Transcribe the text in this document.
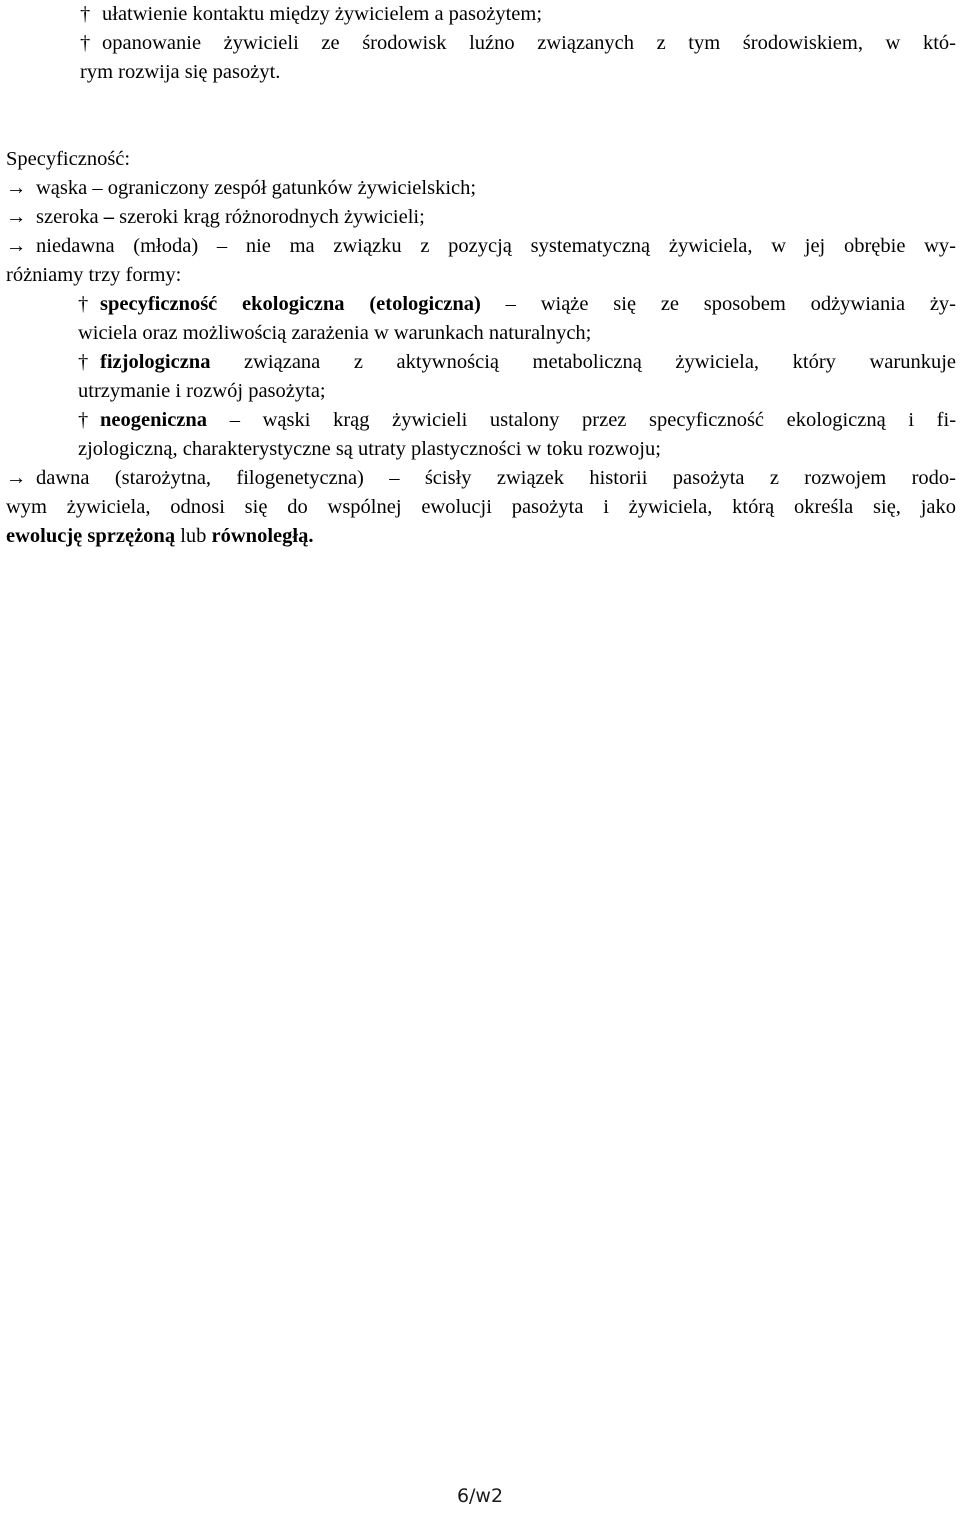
† ułatwienie kontaktu między żywicielem a pasożytem;
† opanowanie żywicieli ze środowisk luźno związanych z tym środowiskiem, w któ-
rym rozwija się pasożyt.
Specyficzność:
→ wąska – ograniczony zespół gatunków żywicielskich;
→ szeroka – szeroki krąg różnorodnych żywicieli;
→ niedawna (młoda) – nie ma związku z pozycją systematyczną żywiciela, w jej obrębie wy-
różniamy trzy formy:
† specyficzność ekologiczna (etologiczna) – wiąże się ze sposobem odżywiania ży-
wiciela oraz możliwością zarażenia w warunkach naturalnych;
† fizjologiczna związana z aktywnością metaboliczną żywiciela, który warunkuje
utrzymanie i rozwój pasożyta;
† neogeniczna – wąski krąg żywicieli ustalony przez specyficzność ekologiczną i fi-
zjologiczną, charakterystyczne są utraty plastyczności w toku rozwoju;
→ dawna (starożytna, filogenetyczna) – ścisły związek historii pasożyta z rozwojem rodo-
wym żywiciela, odnosi się do wspólnej ewolucji pasożyta i żywiciela, którą określa się, jako
ewolucję sprzężoną lub równoległą.
6/w2
